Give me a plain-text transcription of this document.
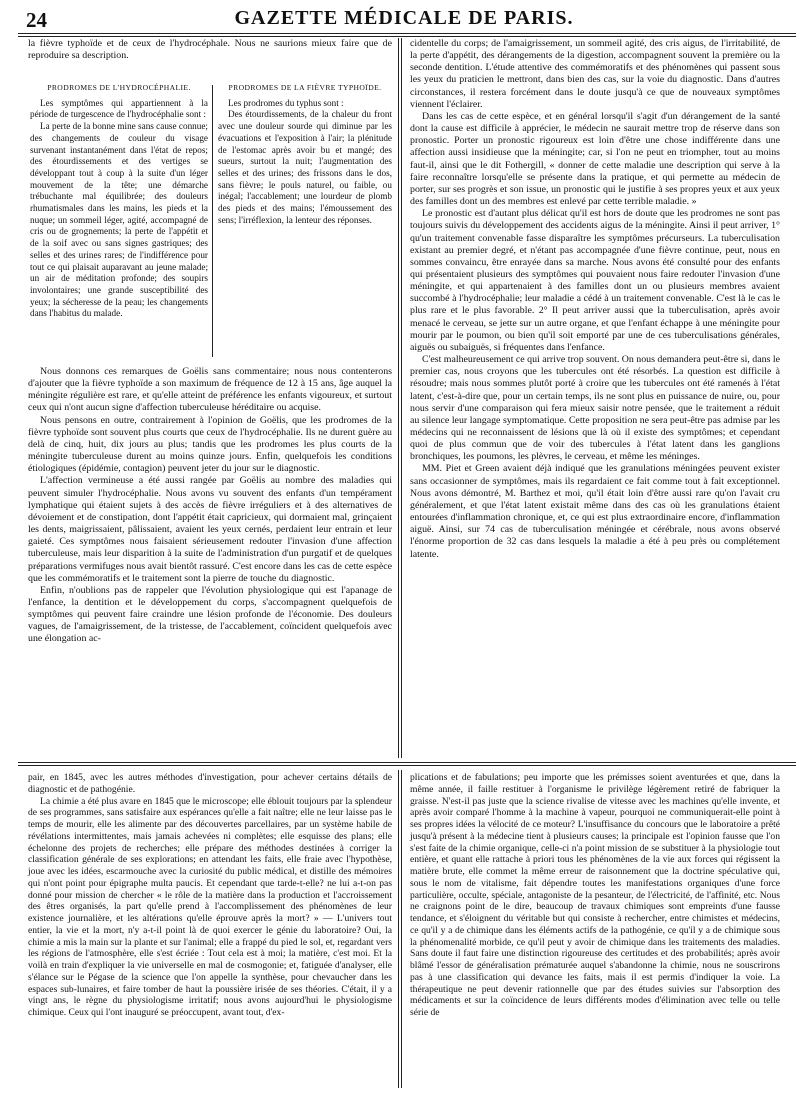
24	GAZETTE MÉDICALE DE PARIS.

la fièvre typhoïde et de ceux de l'hydrocéphale. Nous ne saurions mieux faire que de reproduire sa description.

PRODROMES DE L'HYDROCÉPHALIE.

Les symptômes qui appartiennent à la période de turgescence de l'hydrocéphalie sont :

La perte de la bonne mine sans cause connue; des changements de couleur du visage survenant instantanément dans l'état de repos; des étourdissements et des vertiges se développant tout à coup à la suite d'un léger mouvement de la tête; une démarche trébuchante mal équilibrée; des douleurs rhumatismales dans les mains, les pieds et la nuque; un sommeil léger, agité, accompagné de cris ou de grognements; la perte de l'appétit et de la soif avec ou sans signes gastriques; des selles et des urines rares; de l'indifférence pour tout ce qui plaisait auparavant au jeune malade; un air de méditation profonde; des soupirs involontaires; une grande susceptibilité des yeux; la sécheresse de la peau; les changements dans l'habitus du malade.

PRODROMES DE LA FIÈVRE TYPHOÏDE.

Les prodromes du typhus sont :

Des étourdissements, de la chaleur du front avec une douleur sourde qui diminue par les évacuations et l'exposition à l'air; la plénitude de l'estomac après avoir bu et mangé; des sueurs, surtout la nuit; l'augmentation des selles et des urines; des frissons dans le dos, sans fièvre; le pouls naturel, ou faible, ou inégal; l'accablement; une lourdeur de plomb des pieds et des mains; l'émoussement des sens; l'irréflexion, la lenteur des réponses.

Nous donnons ces remarques de Goëlis sans commentaire; nous nous contenterons d'ajouter que la fièvre typhoïde a son maximum de fréquence de 12 à 15 ans, âge auquel la méningite régulière est rare, et qu'elle atteint de préférence les enfants vigoureux, et surtout ceux qui n'ont aucun signe d'affection tuberculeuse héréditaire ou acquise.

Nous pensons en outre, contrairement à l'opinion de Goëlis, que les prodromes de la fièvre typhoïde sont souvent plus courts que ceux de l'hydrocéphalie. Ils ne durent guère au delà de cinq, huit, dix jours au plus; tandis que les prodromes les plus courts de la méningite tuberculeuse durent au moins quinze jours. Enfin, quelquefois les conditions étiologiques (épidémie, contagion) peuvent jeter du jour sur le diagnostic.

L'affection vermineuse a été aussi rangée par Goëlis au nombre des maladies qui peuvent simuler l'hydrocéphalie. Nous avons vu souvent des enfants d'un tempérament lymphatique qui étaient sujets à des accès de fièvre irréguliers et à des alternatives de dévoiement et de constipation, dont l'appétit était capricieux, qui dormaient mal, grinçaient les dents, maigrissaient, pâlissaient, avaient les yeux cernés, perdaient leur entrain et leur gaieté. Ces symptômes nous faisaient sérieusement redouter l'invasion d'une affection tuberculeuse, mais leur disparition à la suite de l'administration d'un purgatif et de quelques préparations vermifuges nous avait bientôt rassuré. C'est encore dans les cas de cette espèce que les commémoratifs et le traitement sont la pierre de touche du diagnostic.

Enfin, n'oublions pas de rappeler que l'évolution physiologique qui est l'apanage de l'enfance, la dentition et le développement du corps, s'accompagnent quelquefois de symptômes qui peuvent faire craindre une lésion profonde de l'économie. Des douleurs vagues, de l'amaigrissement, de la tristesse, de l'accablement, coïncident quelquefois avec une élongation ac-

cidentelle du corps; de l'amaigrissement, un sommeil agité, des cris aigus, de l'irritabilité, de la perte d'appétit, des dérangements de la digestion, accompagnent souvent la première ou la seconde dentition. L'étude attentive des commémoratifs et des phénomènes qui passent sous les yeux du praticien le mettront, dans bien des cas, sur la voie du diagnostic. Dans d'autres circonstances, il restera forcément dans le doute jusqu'à ce que de nouveaux symptômes viennent l'éclairer.

Dans les cas de cette espèce, et en général lorsqu'il s'agit d'un dérangement de la santé dont la cause est difficile à apprécier, le médecin ne saurait mettre trop de réserve dans son pronostic. Porter un pronostic rigoureux est loin d'être une chose indifférente dans une affection aussi insidieuse que la méningite; car, si l'on ne peut en triompher, tout au moins faut-il, ainsi que le dit Fothergill, « donner de cette maladie une description qui serve à la faire reconnaître lorsqu'elle se présente dans la pratique, et qui permette au médecin de porter, sur ses progrès et son issue, un pronostic qui le justifie à ses propres yeux et aux yeux des familles dont un des membres est enlevé par cette terrible maladie. »

Le pronostic est d'autant plus délicat qu'il est hors de doute que les prodromes ne sont pas toujours suivis du développement des accidents aigus de la méningite. Ainsi il peut arriver, 1° qu'un traitement convenable fasse disparaître les symptômes précurseurs. La tuberculisation existant au premier degré, et n'étant pas accompagnée d'une fièvre continue, peut, nous en sommes convaincu, être enrayée dans sa marche. Nous avons été consulté pour des enfants qui présentaient plusieurs des symptômes qui pouvaient nous faire redouter l'invasion d'une méningite, et qui appartenaient à des familles dont un ou plusieurs membres avaient succombé à l'hydrocéphalie; leur maladie a cédé à un traitement convenable. C'est là le cas le plus rare et le plus favorable. 2° Il peut arriver aussi que la tuberculisation, après avoir menacé le cerveau, se jette sur un autre organe, et que l'enfant échappe à une méningite pour mourir par le poumon, ou bien qu'il soit emporté par une de ces tuberculisations générales, aiguës ou subaiguës, si fréquentes dans l'enfance.

C'est malheureusement ce qui arrive trop souvent. On nous demandera peut-être si, dans le premier cas, nous croyons que les tubercules ont été résorbés. La question est difficile à résoudre; mais nous sommes plutôt porté à croire que les tubercules ont été ramenés à l'état latent, c'est-à-dire que, pour un certain temps, ils ne sont plus en puissance de nuire, ou, pour nous servir d'une comparaison qui fera mieux saisir notre pensée, que le traitement a réduit au silence leur langage symptomatique. Cette proposition ne sera peut-être pas admise par les médecins qui ne reconnaissent de lésions que là où il existe des symptômes; et cependant quoi de plus commun que de voir des tubercules à l'état latent dans les ganglions bronchiques, les poumons, les plèvres, le cerveau, et même les méninges.

MM. Piet et Green avaient déjà indiqué que les granulations méningées peuvent exister sans occasionner de symptômes, mais ils regardaient ce fait comme tout à fait exceptionnel. Nous avons démontré, M. Barthez et moi, qu'il était loin d'être aussi rare qu'on l'avait cru généralement, et que l'état latent existait même dans des cas où les granulations étaient entourées d'inflammation chronique, et, ce qui est plus extraordinaire encore, d'inflammation aiguë. Ainsi, sur 74 cas de tuberculisation méningée et cérébrale, nous avons observé l'énorme proportion de 32 cas dans lesquels la maladie a été à peu près ou complétement latente.

pair, en 1845, avec les autres méthodes d'investigation, pour achever certains détails de diagnostic et de pathogénie.

La chimie a été plus avare en 1845 que le microscope; elle éblouit toujours par la splendeur de ses programmes, sans satisfaire aux espérances qu'elle a fait naître; elle ne leur laisse pas le temps de mourir, elle les alimente par des découvertes parcellaires, par un système habile de révélations intermittentes, mais jamais achevées ni complètes; elle esquisse des plans; elle échelonne des projets de recherches; elle prépare des méthodes destinées à corriger la classification générale de ses explorations; en attendant les faits, elle fraie avec l'hypothèse, joue avec les idées, escarmouche avec la curiosité du public médical, et distille des mémoires qui n'ont point pour épigraphe multa paucis. Et cependant que tarde-t-elle? ne lui a-t-on pas donné pour mission de chercher « le rôle de la matière dans la production et l'accroissement des êtres organisés, la part qu'elle prend à l'accomplissement des phénomènes de leur existence journalière, et les altérations qu'elle éprouve après la mort? » — L'univers tout entier, la vie et la mort, n'y a-t-il point là de quoi exercer le génie du laboratoire? Oui, la chimie a mis la main sur la plante et sur l'animal; elle a frappé du pied le sol, et, regardant vers les régions de l'atmosphère, elle s'est écriée : Tout cela est à moi; la matière, c'est moi. Et la voilà en train d'expliquer la vie universelle en mal de cosmogonie; et, fatiguée d'analyser, elle s'élance sur le Pégase de la science que l'on appelle la synthèse, pour chevaucher dans les espaces sub-lunaires, et faire tomber de haut la poussière irisée de ses théories. C'était, il y a vingt ans, le règne du physiologisme irritatif; nous avons aujourd'hui le physiologisme chimique. Ceux qui l'ont inauguré se préoccupent, avant tout, d'ex-

plications et de fabulations; peu importe que les prémisses soient aventurées et que, dans la même année, il faille restituer à l'organisme le privilège légèrement retiré de fabriquer la graisse. N'est-il pas juste que la science rivalise de vitesse avec les machines qu'elle invente, et après avoir comparé l'homme à la machine à vapeur, pourquoi ne communiquerait-elle point à ses propres idées la vélocité de ce moteur? L'insuffisance du concours que le laboratoire a prêté jusqu'à présent à la médecine tient à plusieurs causes; la principale est l'opinion fausse que l'on s'est faite de la chimie organique, celle-ci n'a point mission de se substituer à la physiologie tout entière, et quant elle rattache à priori tous les phénomènes de la vie aux forces qui régissent la matière brute, elle commet la même erreur de raisonnement que la doctrine spéculative qui, sous le nom de vitalisme, fait dépendre toutes les manifestations organiques d'une force particulière, occulte, spéciale, antagoniste de la pesanteur, de l'électricité, de l'affinité, etc. Nous ne craignons point de le dire, beaucoup de travaux chimiques sont empreints d'une fausse tendance, et s'éloignent du véritable but qui consiste à rechercher, entre chimistes et médecins, ce qu'il y a de chimique dans les éléments actifs de la pathogénie, ce qu'il y a de chimique sous la phénomenalité morbide, ce qu'il peut y avoir de chimique dans les traitements des maladies. Sans doute il faut faire une distinction rigoureuse des certitudes et des probabilités; après avoir blâmé l'essor de généralisation prématurée auquel s'abandonne la chimie, nous ne souscrirons pas à une classification qui devance les faits, mais il est permis d'indiquer la voie. La thérapeutique ne peut devenir rationnelle que par des études suivies sur l'absorption des médicaments et sur la coïncidence de leurs différents modes d'élimination avec telle ou telle série de
